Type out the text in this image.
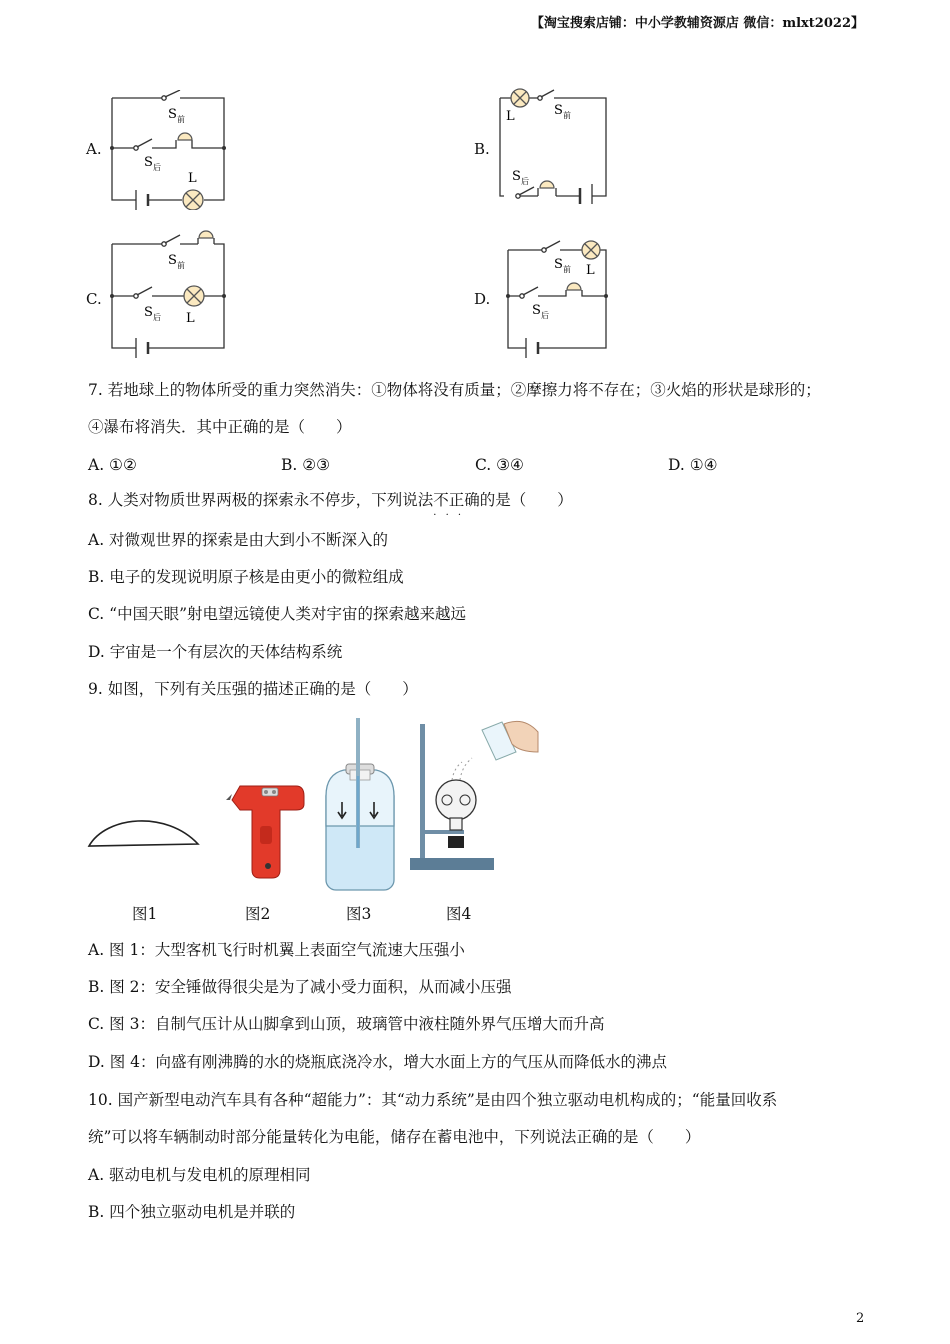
【淘宝搜索店铺：中小学教辅资源店 微信：mlxt2022】
A.
S 前
S 后
L
B.
L	S 前
S 后
C.
S 前
S 后 L
D.
S 前 L
S 后
7. 若地球上的物体所受的重力突然消失：①物体将没有质量；②摩擦力将不存在；③火焰的形状是球形的；
④瀑布将消失．其中正确的是（　　）
A. ①②	B. ②③	C. ③④	D. ①④
8. 人类对物质世界两极的探索永不停步，下列说法不正确 · · ·的是（　　）
A. 对微观世界的探索是由大到小不断深入的
B. 电子的发现说明原子核是由更小的微粒组成
C. “中国天眼”射电望远镜使人类对宇宙的探索越来越远
D. 宇宙是一个有层次的天体结构系统
9. 如图，下列有关压强的描述正确的是（　　）
图1	图2	图3	图4
A. 图 1：大型客机飞行时机翼上表面空气流速大压强小
B. 图 2：安全锤做得很尖是为了减小受力面积，从而减小压强
C. 图 3：自制气压计从山脚拿到山顶，玻璃管中液柱随外界气压增大而升高
D. 图 4：向盛有刚沸腾的水的烧瓶底浇冷水，增大水面上方的气压从而降低水的沸点
10. 国产新型电动汽车具有各种“超能力”：其“动力系统”是由四个独立驱动电机构成的；“能量回收系
统”可以将车辆制动时部分能量转化为电能，储存在蓄电池中，下列说法正确的是（　　）
A. 驱动电机与发电机的原理相同
B. 四个独立驱动电机是并联的
2
